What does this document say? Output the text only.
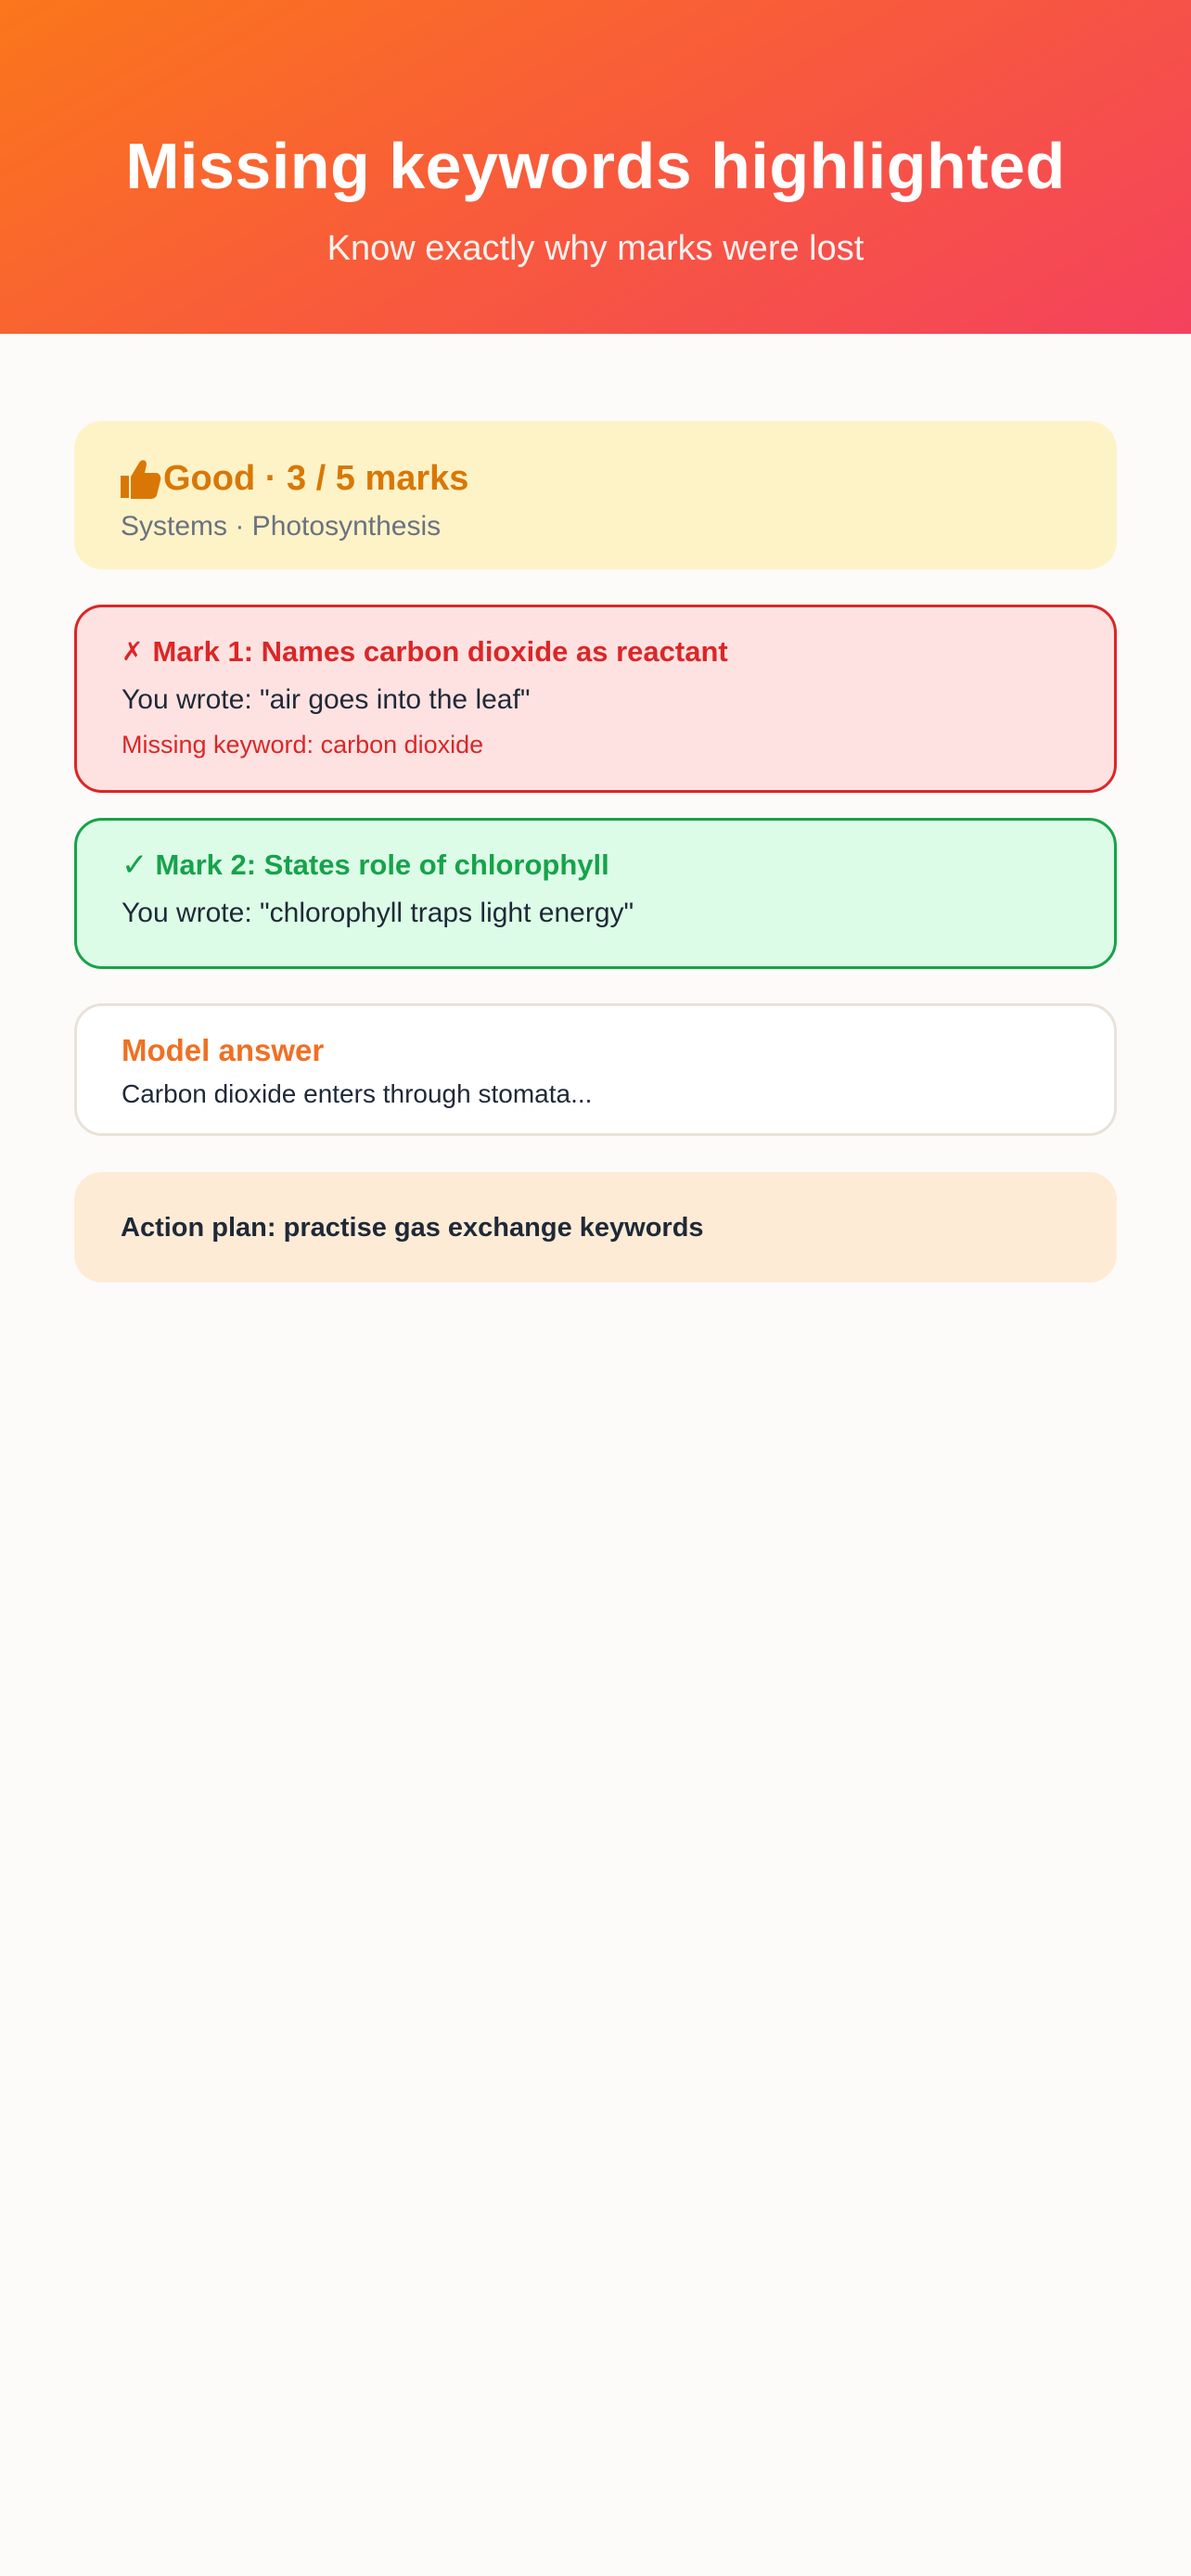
Missing keywords highlighted
Know exactly why marks were lost
Good · 3 / 5 marks
Systems · Photosynthesis
✗ Mark 1: Names carbon dioxide as reactant
You wrote: "air goes into the leaf"
Missing keyword: carbon dioxide
✓ Mark 2: States role of chlorophyll
You wrote: "chlorophyll traps light energy"
Model answer
Carbon dioxide enters through stomata...
Action plan: practise gas exchange keywords
